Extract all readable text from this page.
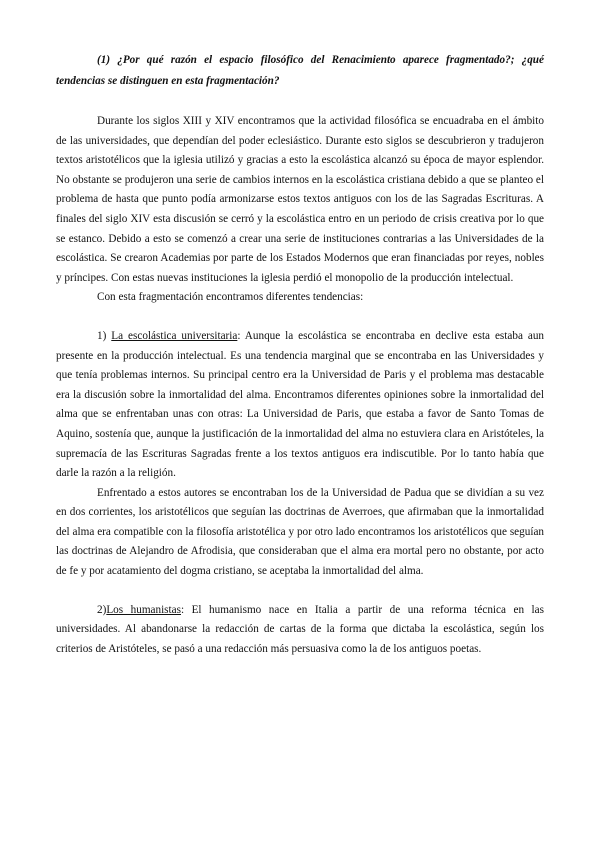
(1) ¿Por qué razón el espacio filosófico del Renacimiento aparece fragmentado?; ¿qué tendencias se distinguen en esta fragmentación?

Durante los siglos XIII y XIV encontramos que la actividad filosófica se encuadraba en el ámbito de las universidades, que dependían del poder eclesiástico. Durante esto siglos se descubrieron y tradujeron textos aristotélicos que la iglesia utilizó y gracias a esto la escolástica alcanzó su época de mayor esplendor. No obstante se produjeron una serie de cambios internos en la escolástica cristiana debido a que se planteo el problema de hasta que punto podía armonizarse estos textos antiguos con los de las Sagradas Escrituras. A finales del siglo XIV esta discusión se cerró y la escolástica entro en un periodo de crisis creativa por lo que se estanco. Debido a esto se comenzó a crear una serie de instituciones contrarias a las Universidades de la escolástica. Se crearon Academias por parte de los Estados Modernos que eran financiadas por reyes, nobles y príncipes. Con estas nuevas instituciones la iglesia perdió el monopolio de la producción intelectual.

Con esta fragmentación encontramos diferentes tendencias:

1) La escolástica universitaria: Aunque la escolástica se encontraba en declive esta estaba aun presente en la producción intelectual. Es una tendencia marginal que se encontraba en las Universidades y que tenía problemas internos. Su principal centro era la Universidad de Paris y el problema mas destacable era la discusión sobre la inmortalidad del alma. Encontramos diferentes opiniones sobre la inmortalidad del alma que se enfrentaban unas con otras: La Universidad de Paris, que estaba a favor de Santo Tomas de Aquino, sostenía que, aunque la justificación de la inmortalidad del alma no estuviera clara en Aristóteles, la supremacía de las Escrituras Sagradas frente a los textos antiguos era indiscutible. Por lo tanto había que darle la razón a la religión.

Enfrentado a estos autores se encontraban los de la Universidad de Padua que se dividían a su vez en dos corrientes, los aristotélicos que seguían las doctrinas de Averroes, que afirmaban que la inmortalidad del alma era compatible con la filosofía aristotélica y por otro lado encontramos los aristotélicos que seguían las doctrinas de Alejandro de Afrodisia, que consideraban que el alma era mortal pero no obstante, por acto de fe y por acatamiento del dogma cristiano, se aceptaba la inmortalidad del alma.

2)Los humanistas: El humanismo nace en Italia a partir de una reforma técnica en las universidades. Al abandonarse la redacción de cartas de la forma que dictaba la escolástica, según los criterios de Aristóteles, se pasó a una redacción más persuasiva como la de los antiguos poetas.
